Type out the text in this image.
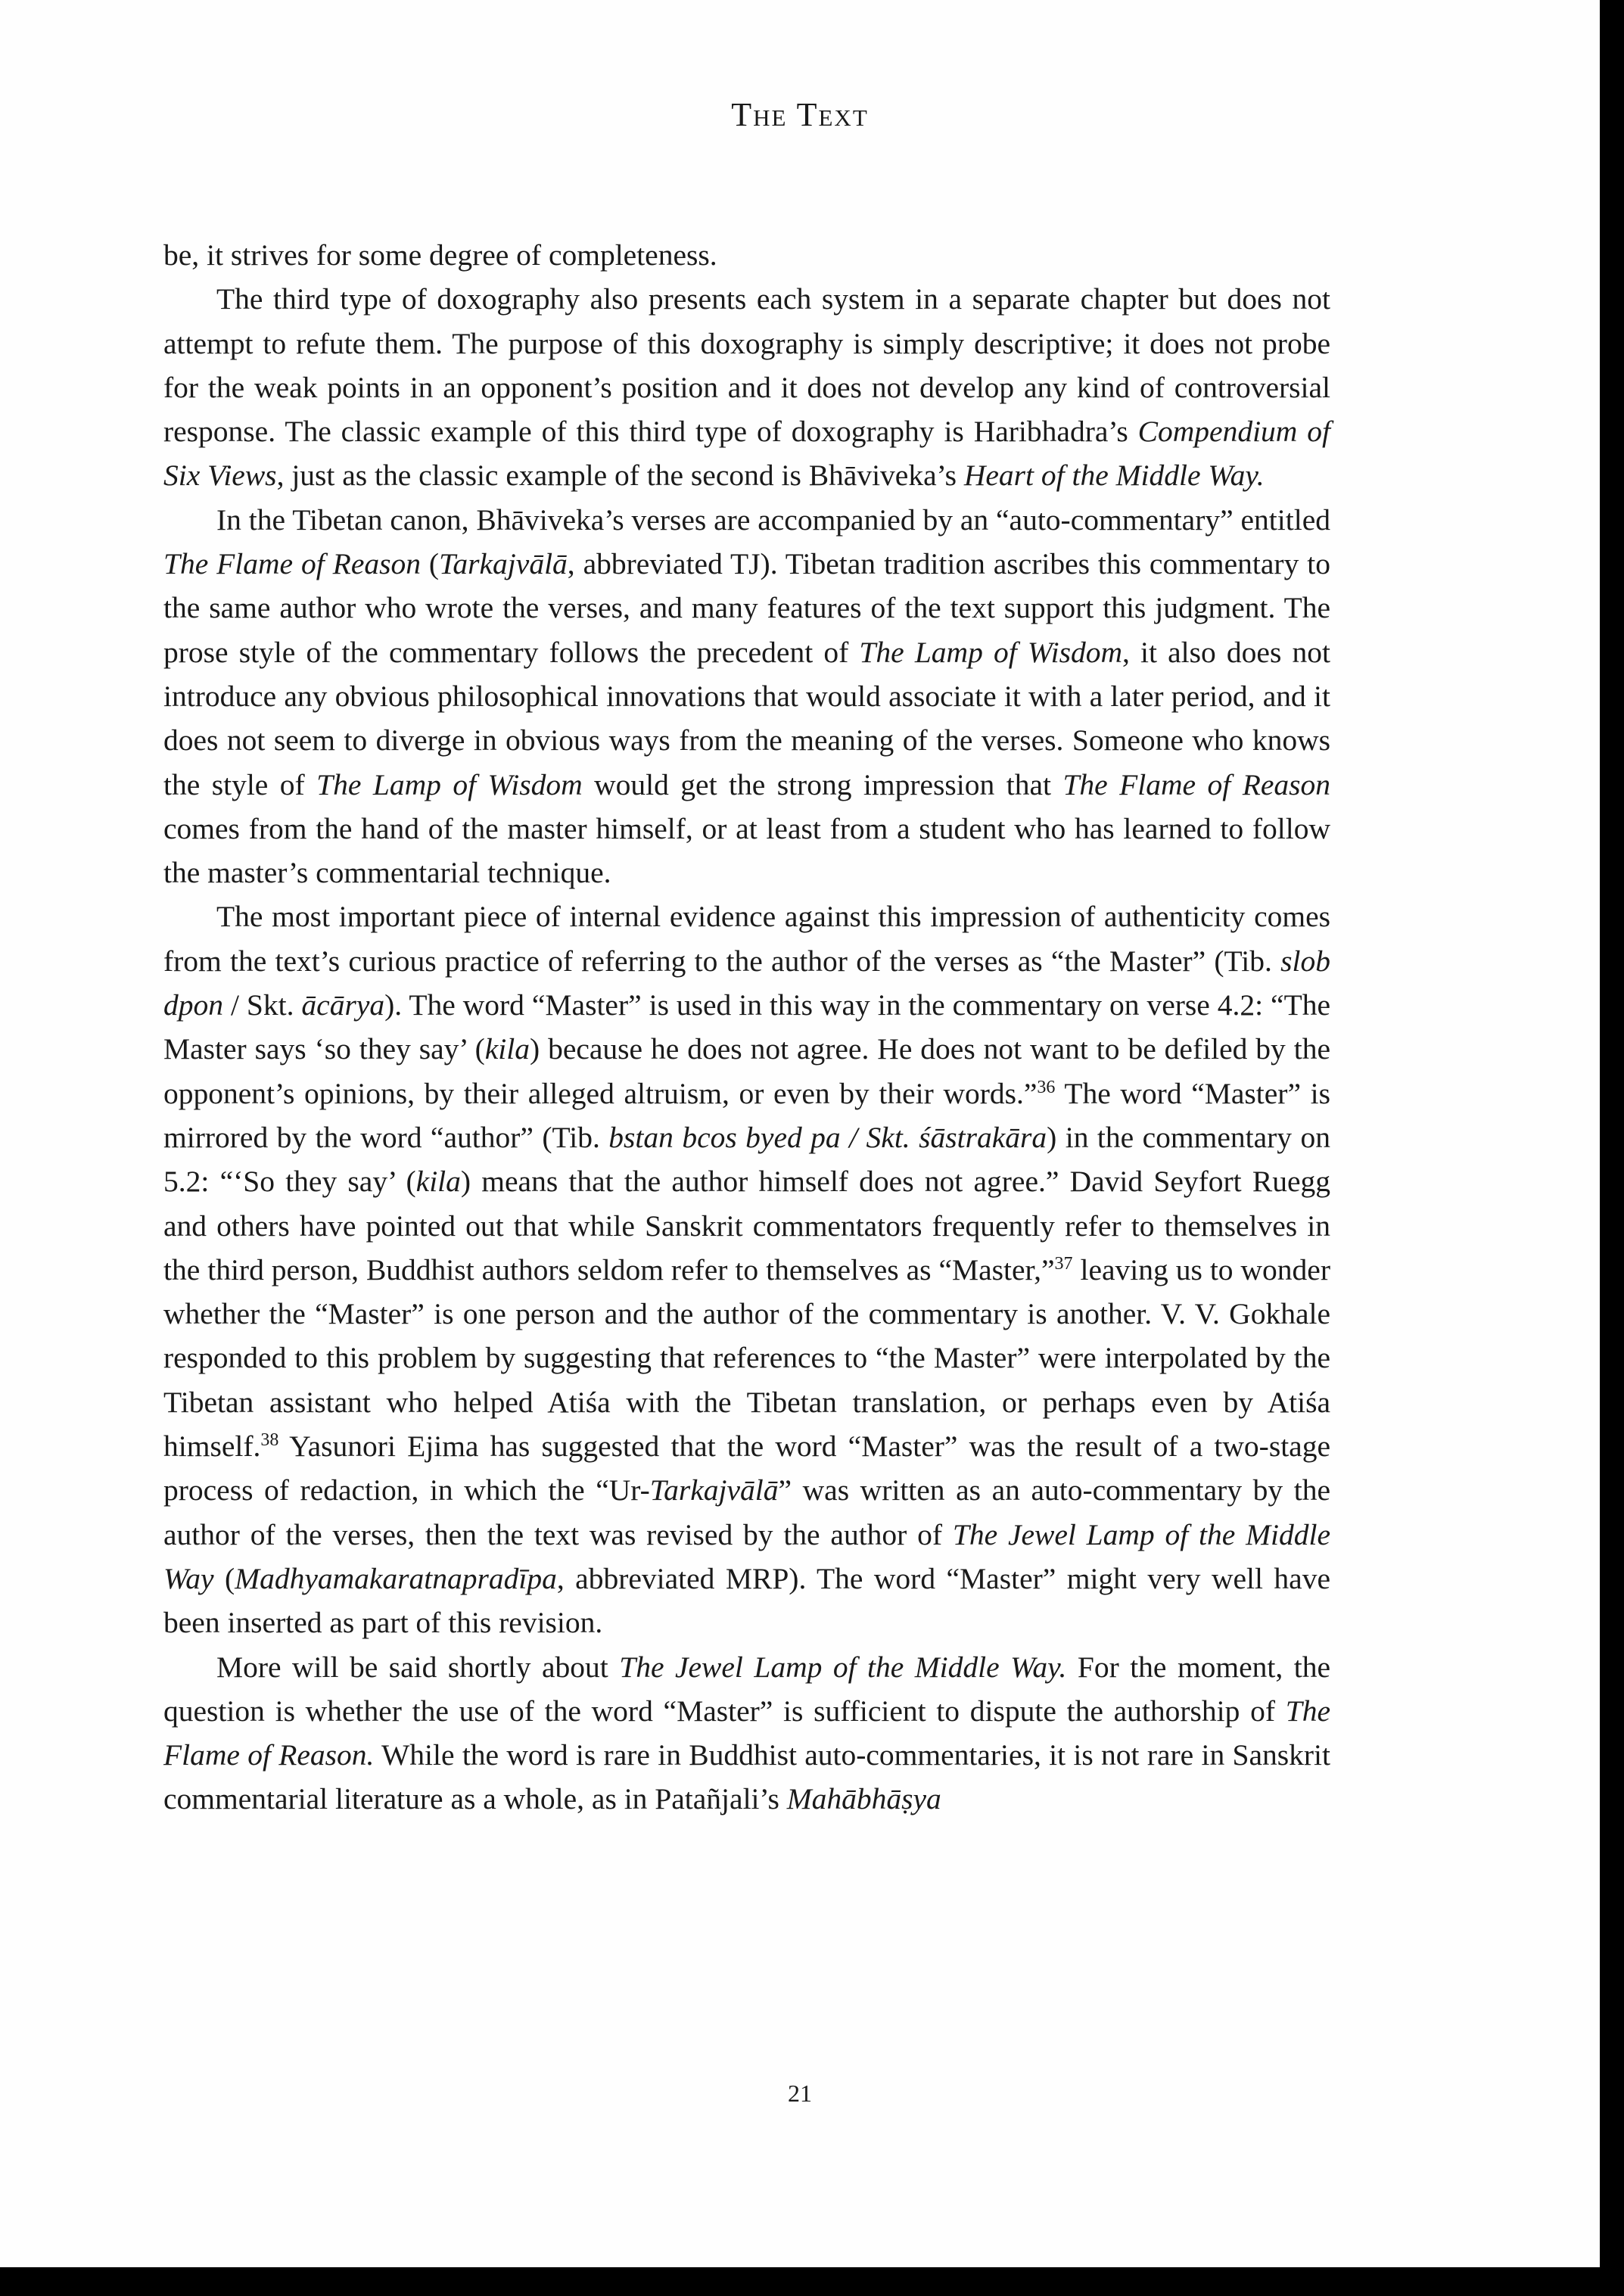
The Text

be, it strives for some degree of completeness.

The third type of doxography also presents each system in a separate chapter but does not attempt to refute them. The purpose of this doxography is simply descriptive; it does not probe for the weak points in an opponent’s position and it does not develop any kind of controversial response. The classic example of this third type of doxography is Haribhadra’s Compendium of Six Views, just as the classic example of the second is Bhāviveka’s Heart of the Middle Way.

In the Tibetan canon, Bhāviveka’s verses are accompanied by an “auto-commentary” entitled The Flame of Reason (Tarkajvālā, abbreviated TJ). Tibetan tradition ascribes this commentary to the same author who wrote the verses, and many features of the text support this judgment. The prose style of the commentary follows the precedent of The Lamp of Wisdom, it also does not introduce any obvious philosophical innovations that would associate it with a later period, and it does not seem to diverge in obvious ways from the meaning of the verses. Someone who knows the style of The Lamp of Wisdom would get the strong impression that The Flame of Reason comes from the hand of the master himself, or at least from a student who has learned to follow the master’s commentarial technique.

The most important piece of internal evidence against this impression of authenticity comes from the text’s curious practice of referring to the author of the verses as “the Master” (Tib. slob dpon / Skt. ācārya). The word “Master” is used in this way in the commentary on verse 4.2: “The Master says ‘so they say’ (kila) because he does not agree. He does not want to be defiled by the opponent’s opinions, by their alleged altruism, or even by their words.”$^{36}$ The word “Master” is mirrored by the word “author” (Tib. bstan bcos byed pa / Skt. śāstrakāra) in the commentary on 5.2: “‘So they say’ (kila) means that the author himself does not agree.” David Seyfort Ruegg and others have pointed out that while Sanskrit commentators frequently refer to themselves in the third person, Buddhist authors seldom refer to themselves as “Master,”$^{37}$ leaving us to wonder whether the “Master” is one person and the author of the commentary is another. V. V. Gokhale responded to this problem by suggesting that references to “the Master” were interpolated by the Tibetan assistant who helped Atiśa with the Tibetan translation, or perhaps even by Atiśa himself.$^{38}$ Yasunori Ejima has suggested that the word “Master” was the result of a two-stage process of redaction, in which the “Ur-Tarkajvālā” was written as an auto-commentary by the author of the verses, then the text was revised by the author of The Jewel Lamp of the Middle Way (Madhyamakaratnapradīpa, abbreviated MRP). The word “Master” might very well have been inserted as part of this revision.

More will be said shortly about The Jewel Lamp of the Middle Way. For the moment, the question is whether the use of the word “Master” is sufficient to dispute the authorship of The Flame of Reason. While the word is rare in Buddhist auto-commentaries, it is not rare in Sanskrit commentarial literature as a whole, as in Patañjali’s Mahābhāṣya

21
